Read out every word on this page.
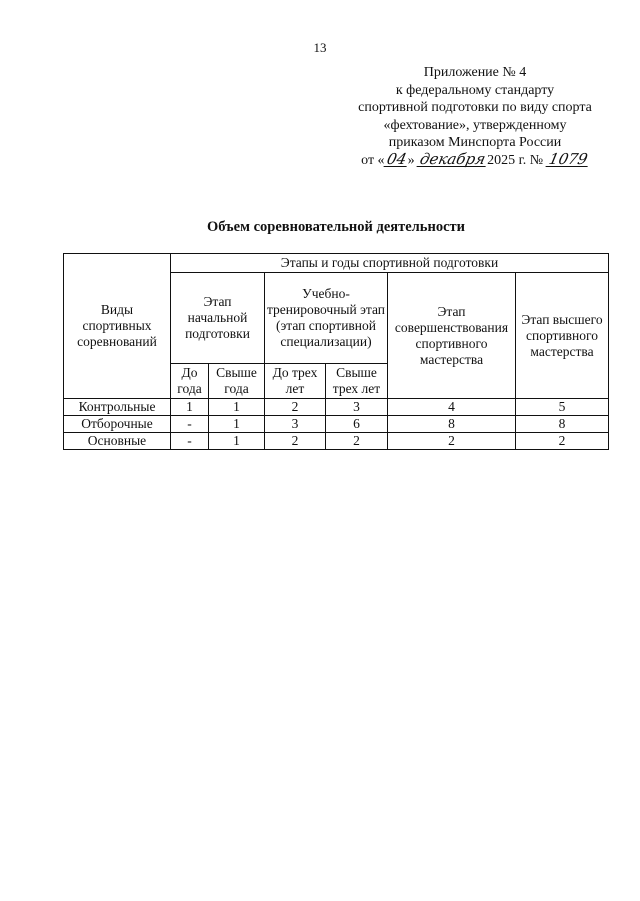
13
Приложение № 4
к федеральному стандарту
спортивной подготовки по виду спорта
«фехтование», утвержденному
приказом Минспорта России
от «04» декабря2025 г. № 1079
Объем соревновательной деятельности
Виды спортивных соревнований	Этапы и годы спортивной подготовки					
	Этап начальной подготовки		Учебно-тренировочный этап (этап спортивной специализации)		Этап совершенствования спортивного мастерства	Этап высшего спортивного мастерства
	До года	Свыше года	До трех лет	Свыше трех лет		
Контрольные	1	1	2	3	4	5
Отборочные	-	1	3	6	8	8
Основные	-	1	2	2	2	2
